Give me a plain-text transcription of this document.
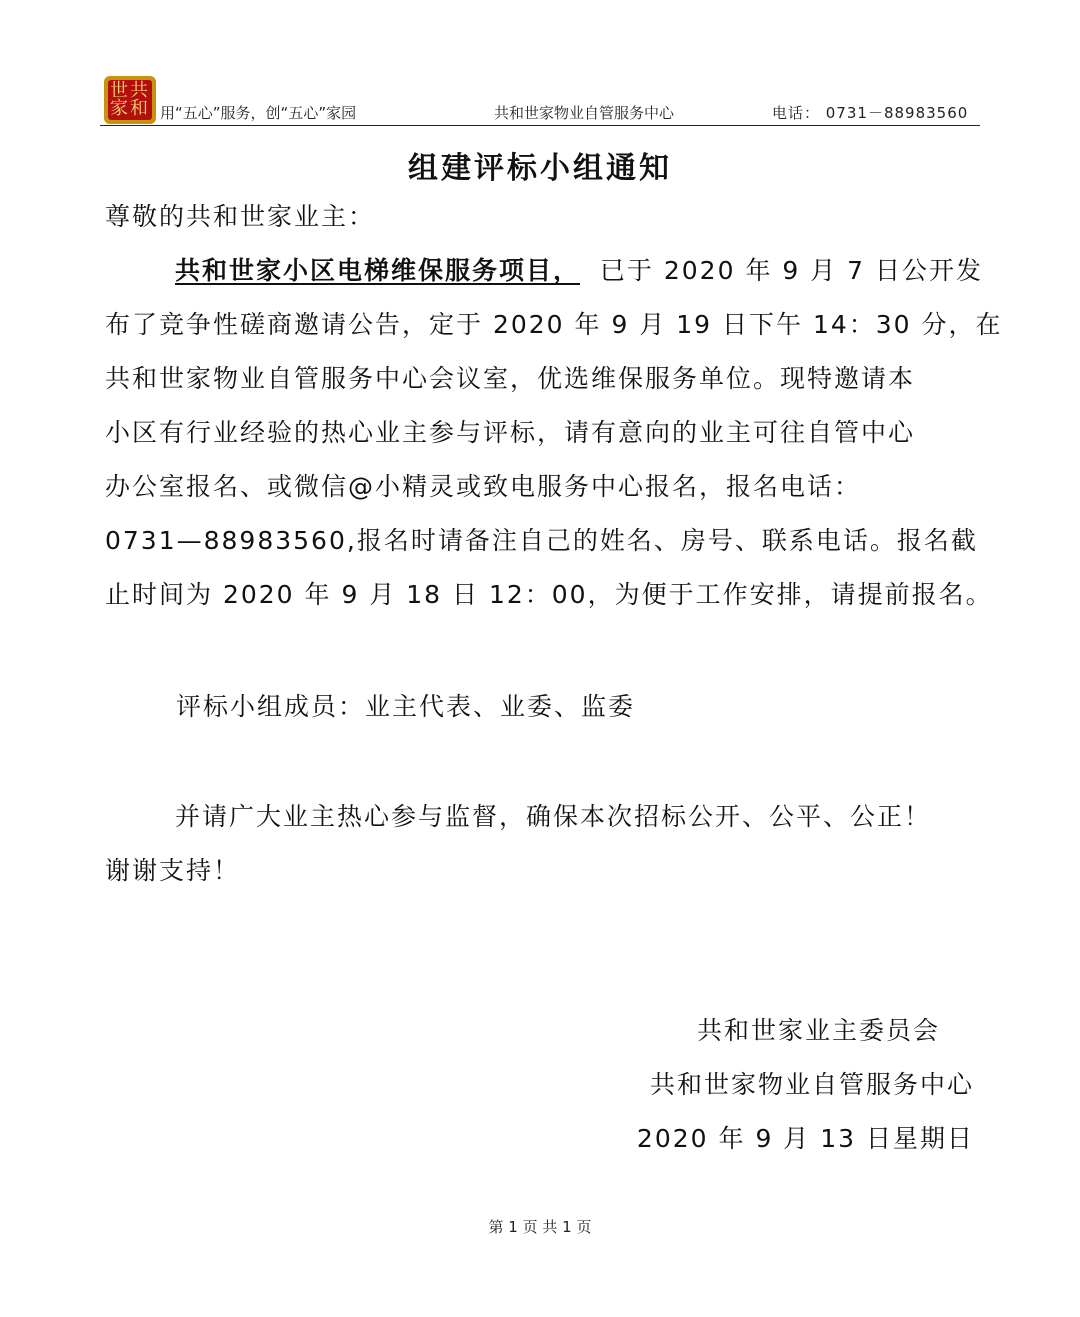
世 共
家 和 用“五心”服务，创“五心”家园	共和世家物业自管服务中心	电话： 0731－88983560
组建评标小组通知
尊敬的共和世家业主：
共和世家小区电梯维保服务项目， 已于 2020 年 9 月 7 日公开发
布了竞争性磋商邀请公告，定于 2020 年 9 月 19 日下午 14：30 分，在
共和世家物业自管服务中心会议室，优选维保服务单位。现特邀请本
小区有行业经验的热心业主参与评标，请有意向的业主可往自管中心
办公室报名、或微信@小精灵或致电服务中心报名，报名电话：
0731—88983560,报名时请备注自己的姓名、房号、联系电话。报名截
止时间为 2020 年 9 月 18 日 12：00，为便于工作安排，请提前报名。
评标小组成员：业主代表、业委、监委
并请广大业主热心参与监督，确保本次招标公开、公平、公正！
谢谢支持！
共和世家业主委员会
共和世家物业自管服务中心
2020 年 9 月 13 日星期日
第 1 页 共 1 页
